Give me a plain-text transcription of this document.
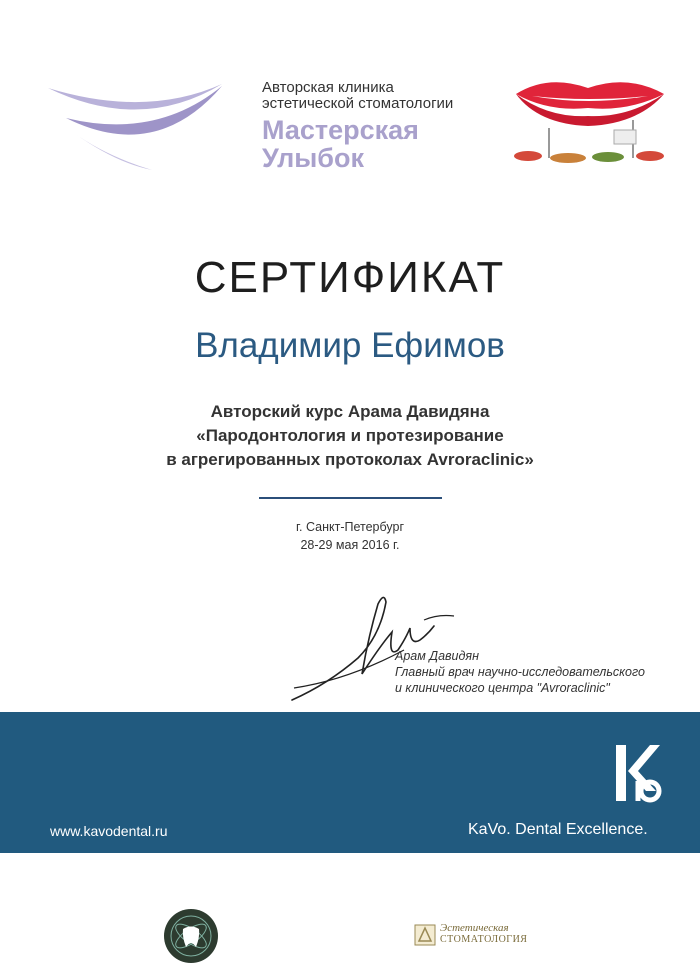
Авторская клиника
эстетической стоматологии
Мастерская
Улыбок
СЕРТИФИКАТ
Владимир Ефимов
Авторский курс Арама Давидяна
«Пародонтология и протезирование
в агрегированных протоколах Avroraclinic»
г. Санкт-Петербург
28-29 мая 2016 г.
Арам Давидян
Главный врач научно-исследовательского
и клинического центра "Avroraclinic"
www.kavodental.ru	KaVo. Dental Excellence.
Эстетическая
СТОМАТОЛОГИЯ
